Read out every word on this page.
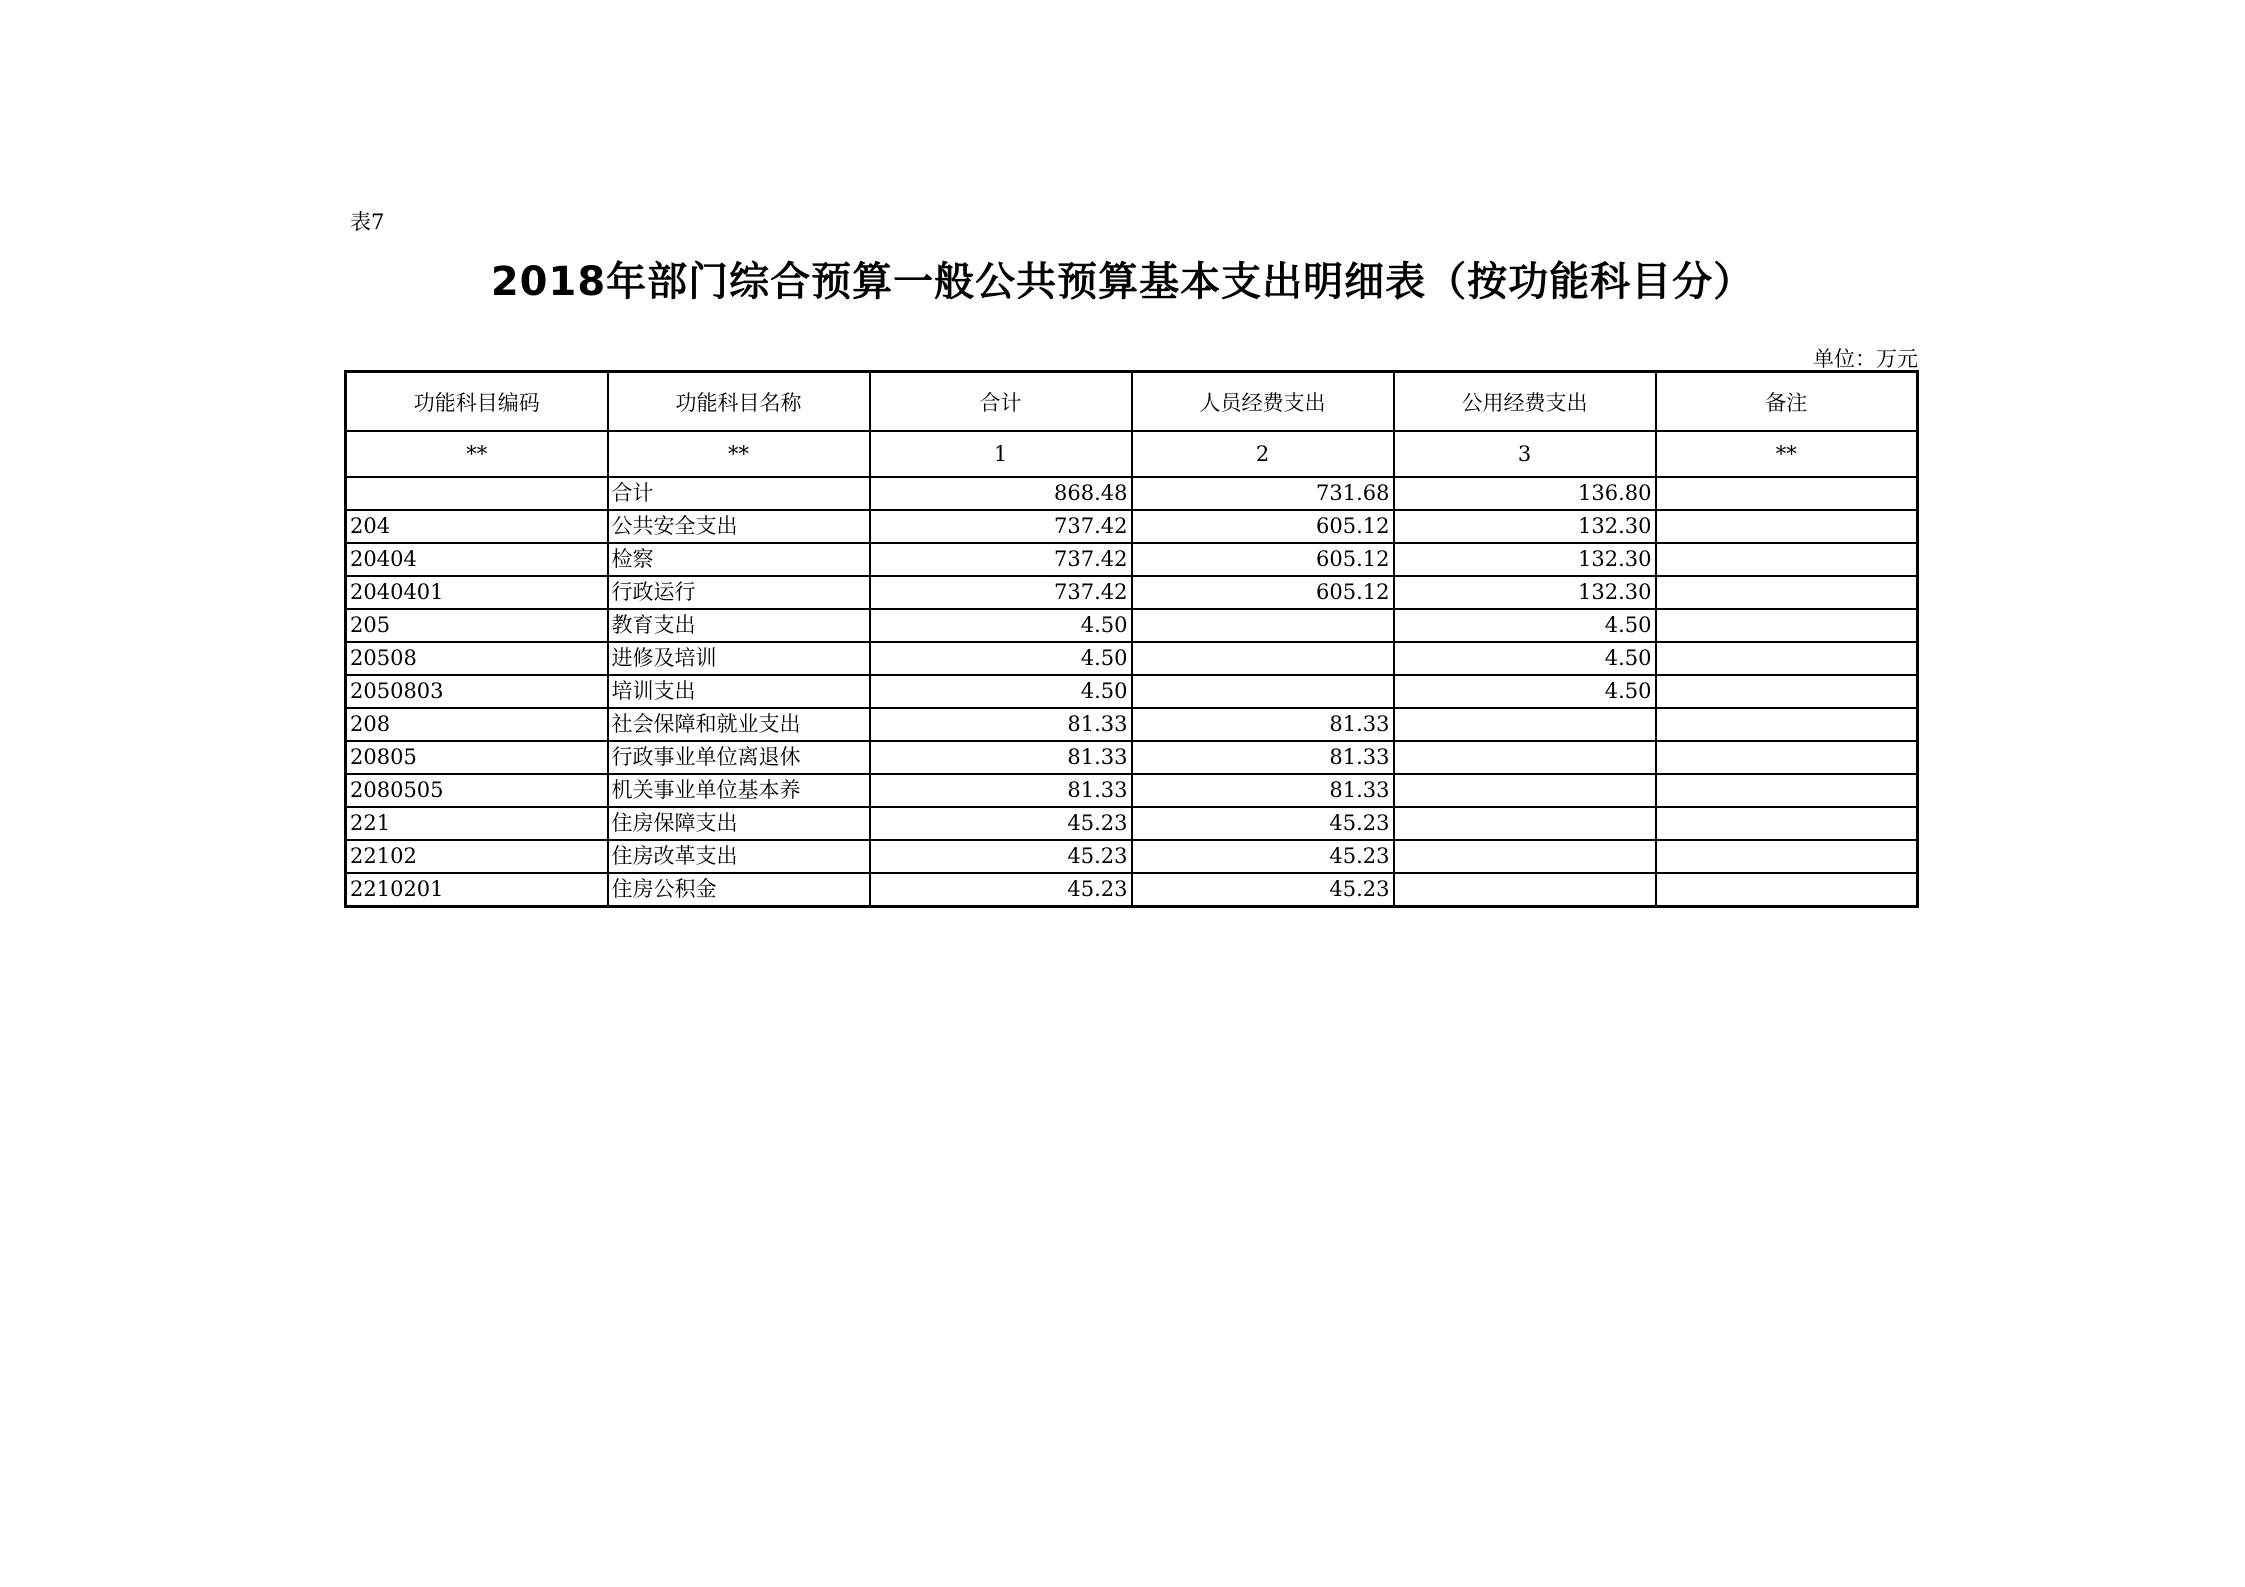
表7
2018年部门综合预算一般公共预算基本支出明细表（按功能科目分）
单位：万元
功能科目编码	功能科目名称	合计	人员经费支出	公用经费支出	备注
**	**	1	2	3	**
	合计	868.48	731.68	136.80	
204	公共安全支出	737.42	605.12	132.30	
20404	检察	737.42	605.12	132.30	
2040401	行政运行	737.42	605.12	132.30	
205	教育支出	4.50		4.50	
20508	进修及培训	4.50		4.50	
2050803	培训支出	4.50		4.50	
208	社会保障和就业支出	81.33	81.33		
20805	行政事业单位离退休	81.33	81.33		
2080505	机关事业单位基本养	81.33	81.33		
221	住房保障支出	45.23	45.23		
22102	住房改革支出	45.23	45.23		
2210201	住房公积金	45.23	45.23		
